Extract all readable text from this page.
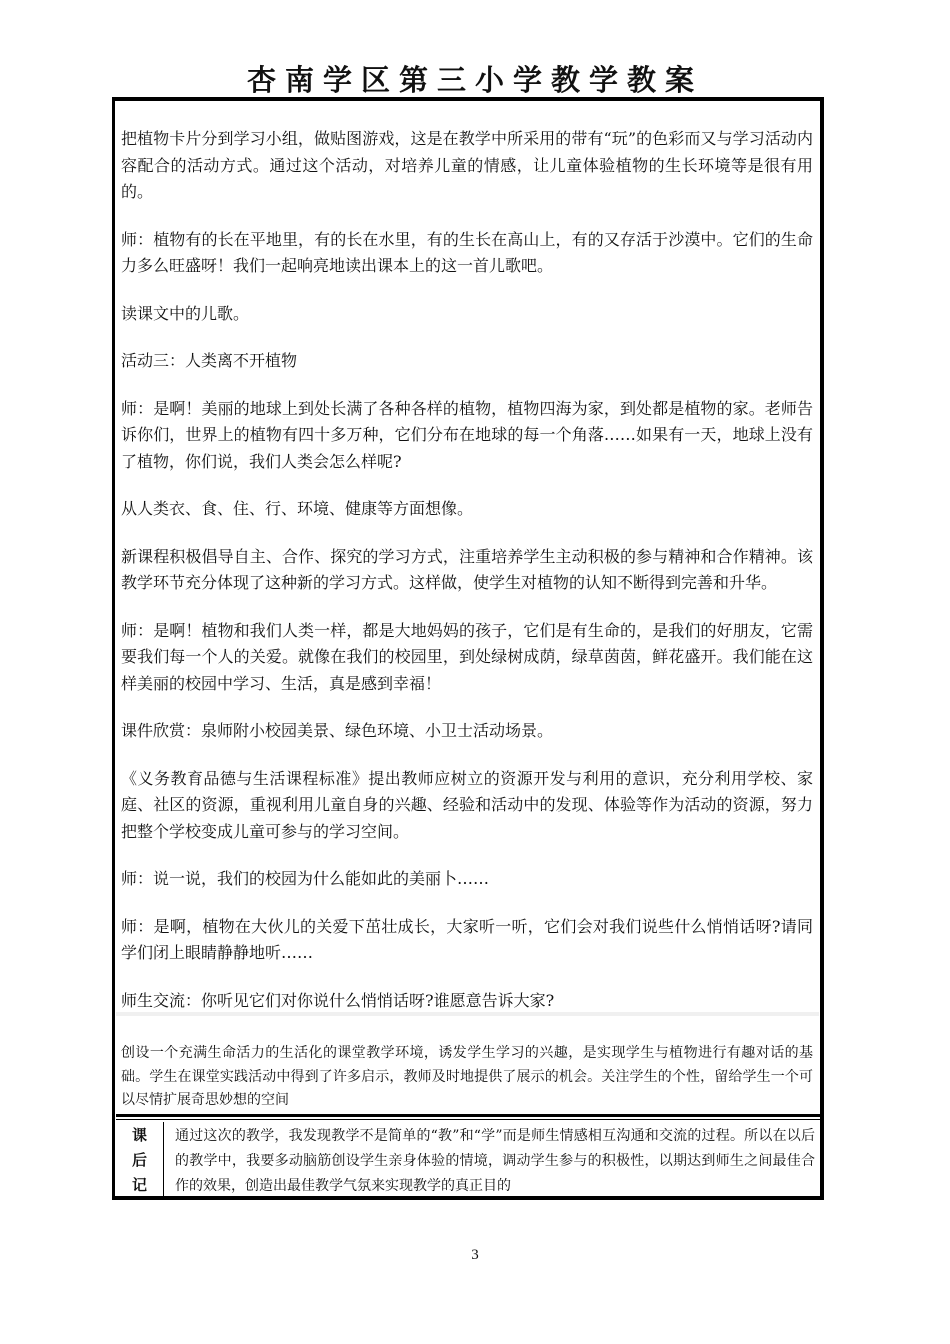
杏南学区第三小学教学教案

把植物卡片分到学习小组，做贴图游戏，这是在教学中所采用的带有“玩”的色彩而又与学习活动内容配合的活动方式。通过这个活动，对培养儿童的情感，让儿童体验植物的生长环境等是很有用的。

师：植物有的长在平地里，有的长在水里，有的生长在高山上，有的又存活于沙漠中。它们的生命力多么旺盛呀！我们一起响亮地读出课本上的这一首儿歌吧。

读课文中的儿歌。

活动三：人类离不开植物

师：是啊！美丽的地球上到处长满了各种各样的植物，植物四海为家，到处都是植物的家。老师告诉你们，世界上的植物有四十多万种，它们分布在地球的每一个角落……如果有一天，地球上没有了植物，你们说，我们人类会怎么样呢?

从人类衣、食、住、行、环境、健康等方面想像。

新课程积极倡导自主、合作、探究的学习方式，注重培养学生主动积极的参与精神和合作精神。该教学环节充分体现了这种新的学习方式。这样做，使学生对植物的认知不断得到完善和升华。

师：是啊！植物和我们人类一样，都是大地妈妈的孩子，它们是有生命的，是我们的好朋友，它需要我们每一个人的关爱。就像在我们的校园里，到处绿树成荫，绿草茵茵，鲜花盛开。我们能在这样美丽的校园中学习、生活，真是感到幸福！

课件欣赏：泉师附小校园美景、绿色环境、小卫士活动场景。

《义务教育品德与生活课程标准》提出教师应树立的资源开发与利用的意识，充分利用学校、家庭、社区的资源，重视利用儿童自身的兴趣、经验和活动中的发现、体验等作为活动的资源，努力把整个学校变成儿童可参与的学习空间。

师：说一说，我们的校园为什么能如此的美丽卜……

师：是啊，植物在大伙儿的关爱下茁壮成长，大家听一听，它们会对我们说些什么悄悄话呀?请同学们闭上眼睛静静地听……

师生交流：你听见它们对你说什么悄悄话呀?谁愿意告诉大家?

创设一个充满生命活力的生活化的课堂教学环境，诱发学生学习的兴趣，是实现学生与植物进行有趣对话的基础。学生在课堂实践活动中得到了许多启示，教师及时地提供了展示的机会。关注学生的个性，留给学生一个可以尽情扩展奇思妙想的空间
课
后
记
通过这次的教学，我发现教学不是简单的“教”和“学”而是师生情感相互沟通和交流的过程。所以在以后的教学中，我要多动脑筋创设学生亲身体验的情境，调动学生参与的积极性，以期达到师生之间最佳合作的效果，创造出最佳教学气氛来实现教学的真正目的
3
